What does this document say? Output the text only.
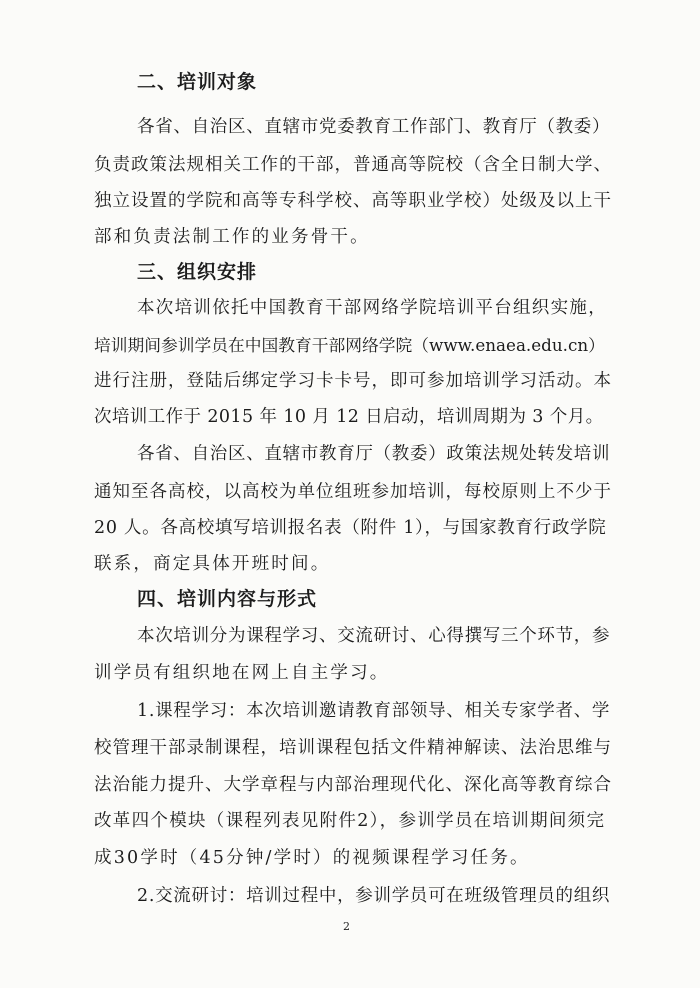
二、培训对象

各省、自治区、直辖市党委教育工作部门、教育厅（教委）

负责政策法规相关工作的干部，普通高等院校（含全日制大学、

独立设置的学院和高等专科学校、高等职业学校）处级及以上干

部和负责法制工作的业务骨干。

三、组织安排

本次培训依托中国教育干部网络学院培训平台组织实施，

培训期间参训学员在中国教育干部网络学院（www.enaea.edu.cn）

进行注册，登陆后绑定学习卡卡号，即可参加培训学习活动。本

次培训工作于 2015 年 10 月 12 日启动，培训周期为 3 个月。

各省、自治区、直辖市教育厅（教委）政策法规处转发培训

通知至各高校，以高校为单位组班参加培训，每校原则上不少于

20 人。各高校填写培训报名表（附件 1），与国家教育行政学院

联系，商定具体开班时间。

四、培训内容与形式

本次培训分为课程学习、交流研讨、心得撰写三个环节，参

训学员有组织地在网上自主学习。

1.课程学习：本次培训邀请教育部领导、相关专家学者、学

校管理干部录制课程，培训课程包括文件精神解读、法治思维与

法治能力提升、大学章程与内部治理现代化、深化高等教育综合

改革四个模块（课程列表见附件2），参训学员在培训期间须完

成30学时（45分钟/学时）的视频课程学习任务。

2.交流研讨：培训过程中，参训学员可在班级管理员的组织

2
